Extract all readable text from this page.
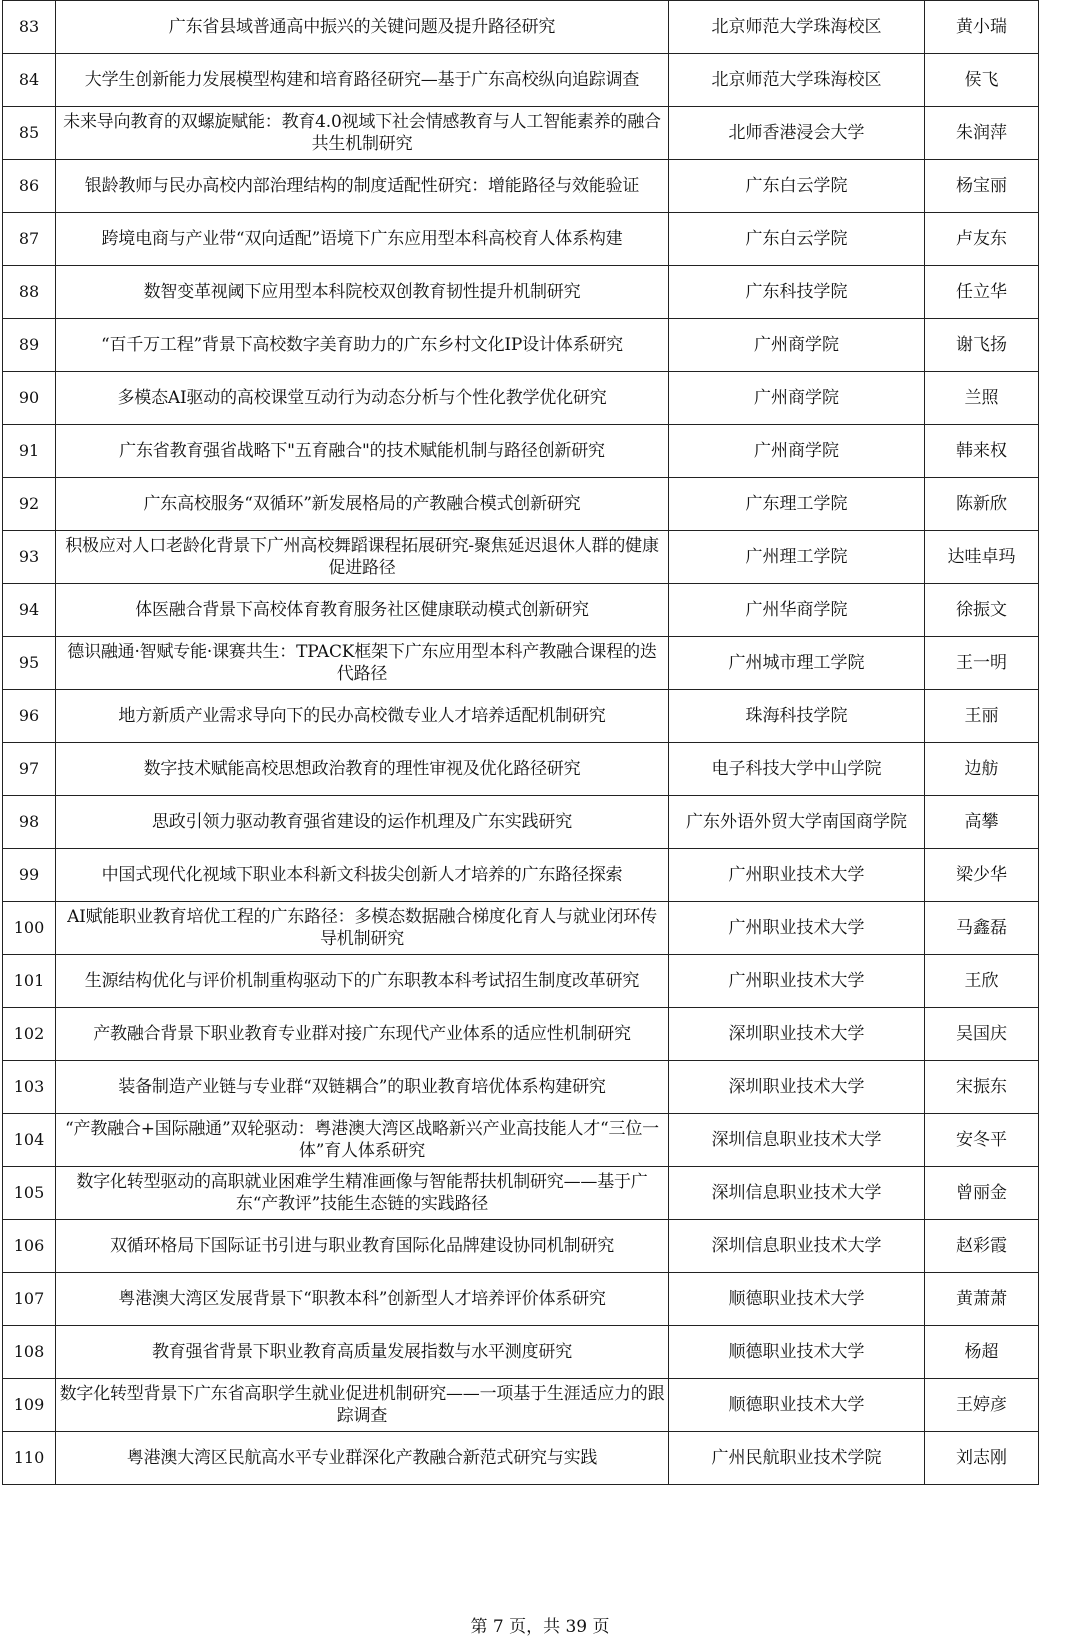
83	广东省县域普通高中振兴的关键问题及提升路径研究	北京师范大学珠海校区	黄小瑞
84	大学生创新能力发展模型构建和培育路径研究—基于广东高校纵向追踪调查	北京师范大学珠海校区	侯飞
85	未来导向教育的双螺旋赋能：教育4.0视域下社会情感教育与人工智能素养的融合共生机制研究	北师香港浸会大学	朱润萍
86	银龄教师与民办高校内部治理结构的制度适配性研究：增能路径与效能验证	广东白云学院	杨宝丽
87	跨境电商与产业带“双向适配”语境下广东应用型本科高校育人体系构建	广东白云学院	卢友东
88	数智变革视阈下应用型本科院校双创教育韧性提升机制研究	广东科技学院	任立华
89	“百千万工程”背景下高校数字美育助力的广东乡村文化IP设计体系研究	广州商学院	谢飞扬
90	多模态AI驱动的高校课堂互动行为动态分析与个性化教学优化研究	广州商学院	兰照
91	广东省教育强省战略下"五育融合"的技术赋能机制与路径创新研究	广州商学院	韩来权
92	广东高校服务“双循环”新发展格局的产教融合模式创新研究	广东理工学院	陈新欣
93	积极应对人口老龄化背景下广州高校舞蹈课程拓展研究-聚焦延迟退休人群的健康促进路径	广州理工学院	达哇卓玛
94	体医融合背景下高校体育教育服务社区健康联动模式创新研究	广州华商学院	徐振文
95	德识融通·智赋专能·课赛共生：TPACK框架下广东应用型本科产教融合课程的迭代路径	广州城市理工学院	王一明
96	地方新质产业需求导向下的民办高校微专业人才培养适配机制研究	珠海科技学院	王丽
97	数字技术赋能高校思想政治教育的理性审视及优化路径研究	电子科技大学中山学院	边舫
98	思政引领力驱动教育强省建设的运作机理及广东实践研究	广东外语外贸大学南国商学院	高攀
99	中国式现代化视域下职业本科新文科拔尖创新人才培养的广东路径探索	广州职业技术大学	梁少华
100	AI赋能职业教育培优工程的广东路径：多模态数据融合梯度化育人与就业闭环传导机制研究	广州职业技术大学	马鑫磊
101	生源结构优化与评价机制重构驱动下的广东职教本科考试招生制度改革研究	广州职业技术大学	王欣
102	产教融合背景下职业教育专业群对接广东现代产业体系的适应性机制研究	深圳职业技术大学	吴国庆
103	装备制造产业链与专业群“双链耦合”的职业教育培优体系构建研究	深圳职业技术大学	宋振东
104	“产教融合+国际融通”双轮驱动：粤港澳大湾区战略新兴产业高技能人才“三位一体”育人体系研究	深圳信息职业技术大学	安冬平
105	数字化转型驱动的高职就业困难学生精准画像与智能帮扶机制研究——基于广东“产教评”技能生态链的实践路径	深圳信息职业技术大学	曾丽金
106	双循环格局下国际证书引进与职业教育国际化品牌建设协同机制研究	深圳信息职业技术大学	赵彩霞
107	粤港澳大湾区发展背景下“职教本科”创新型人才培养评价体系研究	顺德职业技术大学	黄萧萧
108	教育强省背景下职业教育高质量发展指数与水平测度研究	顺德职业技术大学	杨超
109	数字化转型背景下广东省高职学生就业促进机制研究——一项基于生涯适应力的跟踪调查	顺德职业技术大学	王婷彦
110	粤港澳大湾区民航高水平专业群深化产教融合新范式研究与实践	广州民航职业技术学院	刘志刚
第 7 页，共 39 页
